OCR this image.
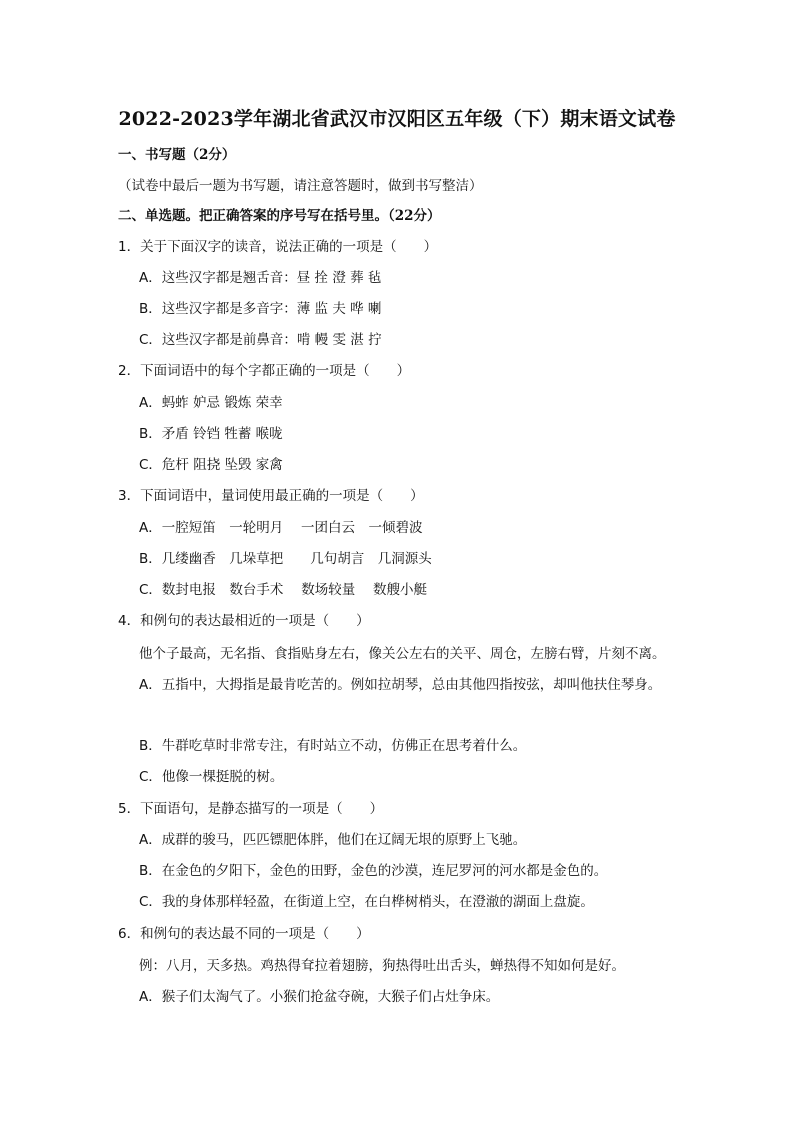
2022-2023学年湖北省武汉市汉阳区五年级（下）期末语文试卷
一、书写题（2分）
（试卷中最后一题为书写题，请注意答题时，做到书写整洁）
二、单选题。把正确答案的序号写在括号里。（22分）
1．关于下面汉字的读音，说法正确的一项是（　　）
A．这些汉字都是翘舌音：昼 拴 澄 葬 毡
B．这些汉字都是多音字：薄 监 夫 哗 喇
C．这些汉字都是前鼻音：啃 幔 雯 湛 拧
2．下面词语中的每个字都正确的一项是（　　）
A．蚂蚱 妒忌 锻炼 荣幸
B．矛盾 铃铛 牲蓄 喉咙
C．危杆 阻挠 坠毁 家禽
3．下面词语中，量词使用最正确的一项是（　　）
A．一腔短笛　一轮明月　 一团白云　一倾碧波
B．几缕幽香　几垛草把　　几句胡言　几洞源头
C．数封电报　数台手术　 数场较量　 数艘小艇
4．和例句的表达最相近的一项是（　　）
他个子最高，无名指、食指贴身左右，像关公左右的关平、周仓，左膀右臂，片刻不离。
A．五指中，大拇指是最肯吃苦的。例如拉胡琴，总由其他四指按弦，却叫他扶住琴身。
B．牛群吃草时非常专注，有时站立不动，仿佛正在思考着什么。
C．他像一棵挺脱的树。
5．下面语句，是静态描写的一项是（　　）
A．成群的骏马，匹匹镖肥体胖，他们在辽阔无垠的原野上飞驰。
B．在金色的夕阳下，金色的田野，金色的沙漠，连尼罗河的河水都是金色的。
C．我的身体那样轻盈，在街道上空，在白桦树梢头，在澄澈的湖面上盘旋。
6．和例句的表达最不同的一项是（　　）
例：八月，天多热。鸡热得耷拉着翅膀，狗热得吐出舌头，蝉热得不知如何是好。
A．猴子们太淘气了。小猴们抢盆夺碗，大猴子们占灶争床。
